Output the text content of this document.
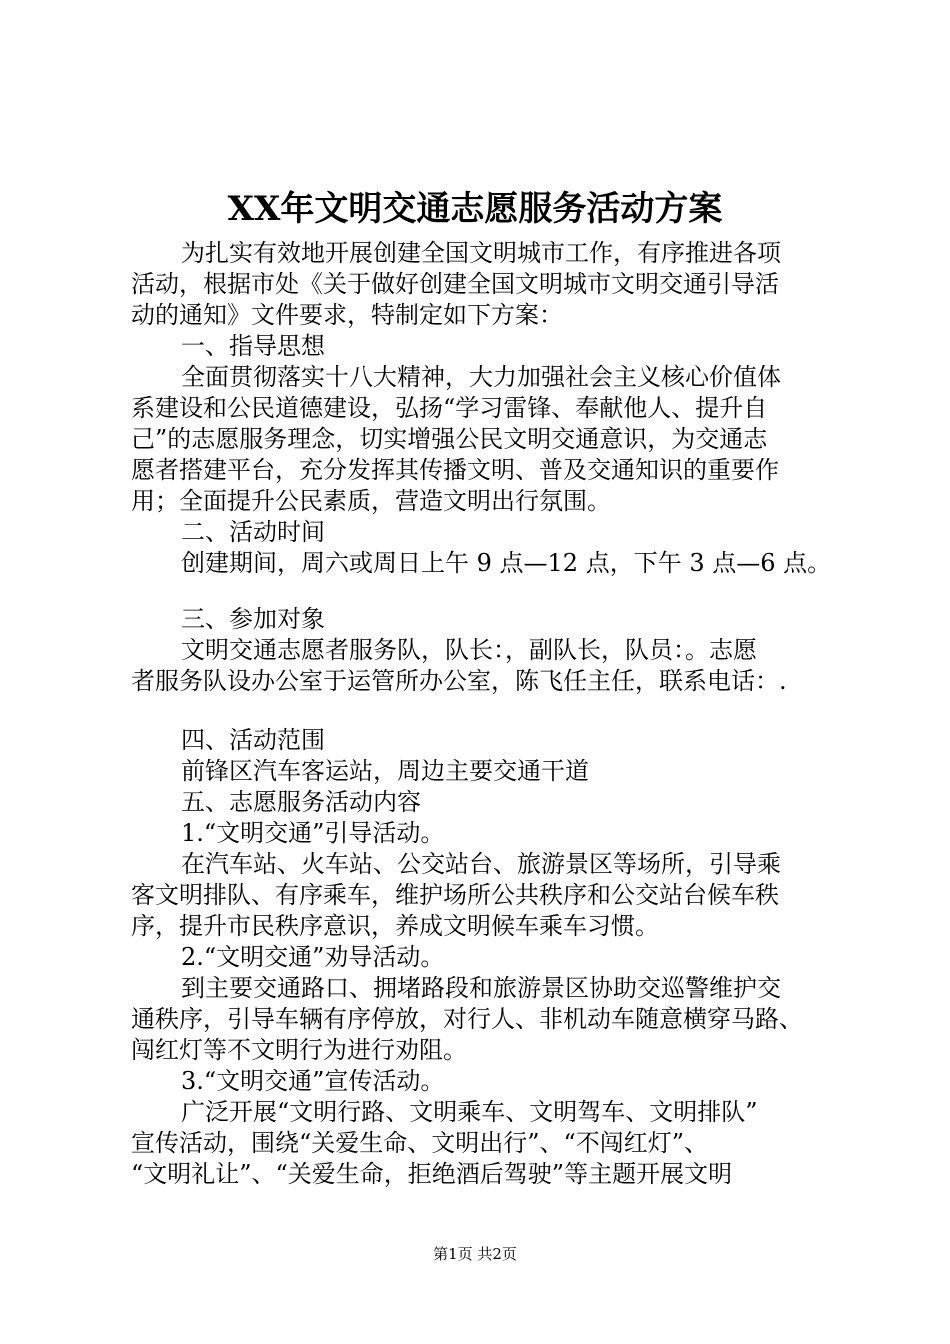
XX年文明交通志愿服务活动方案
为扎实有效地开展创建全国文明城市工作，有序推进各项
活动，根据市处《关于做好创建全国文明城市文明交通引导活
动的通知》文件要求，特制定如下方案：
一、指导思想
全面贯彻落实十八大精神，大力加强社会主义核心价值体
系建设和公民道德建设，弘扬“学习雷锋、奉献他人、提升自
己”的志愿服务理念，切实增强公民文明交通意识，为交通志
愿者搭建平台，充分发挥其传播文明、普及交通知识的重要作
用；全面提升公民素质，营造文明出行氛围。
二、活动时间
创建期间，周六或周日上午 9 点—12 点，下午 3 点—6 点。
三、参加对象
文明交通志愿者服务队，队长：，副队长，队员：。志愿
者服务队设办公室于运管所办公室，陈飞任主任，联系电话：.
四、活动范围
前锋区汽车客运站，周边主要交通干道
五、志愿服务活动内容
1.“文明交通”引导活动。
在汽车站、火车站、公交站台、旅游景区等场所，引导乘
客文明排队、有序乘车，维护场所公共秩序和公交站台候车秩
序，提升市民秩序意识，养成文明候车乘车习惯。
2.“文明交通”劝导活动。
到主要交通路口、拥堵路段和旅游景区协助交巡警维护交
通秩序，引导车辆有序停放，对行人、非机动车随意横穿马路、
闯红灯等不文明行为进行劝阻。
3.“文明交通”宣传活动。
广泛开展“文明行路、文明乘车、文明驾车、文明排队”
宣传活动，围绕“关爱生命、文明出行”、“不闯红灯”、
“文明礼让”、“关爱生命，拒绝酒后驾驶”等主题开展文明
第1页 共2页
